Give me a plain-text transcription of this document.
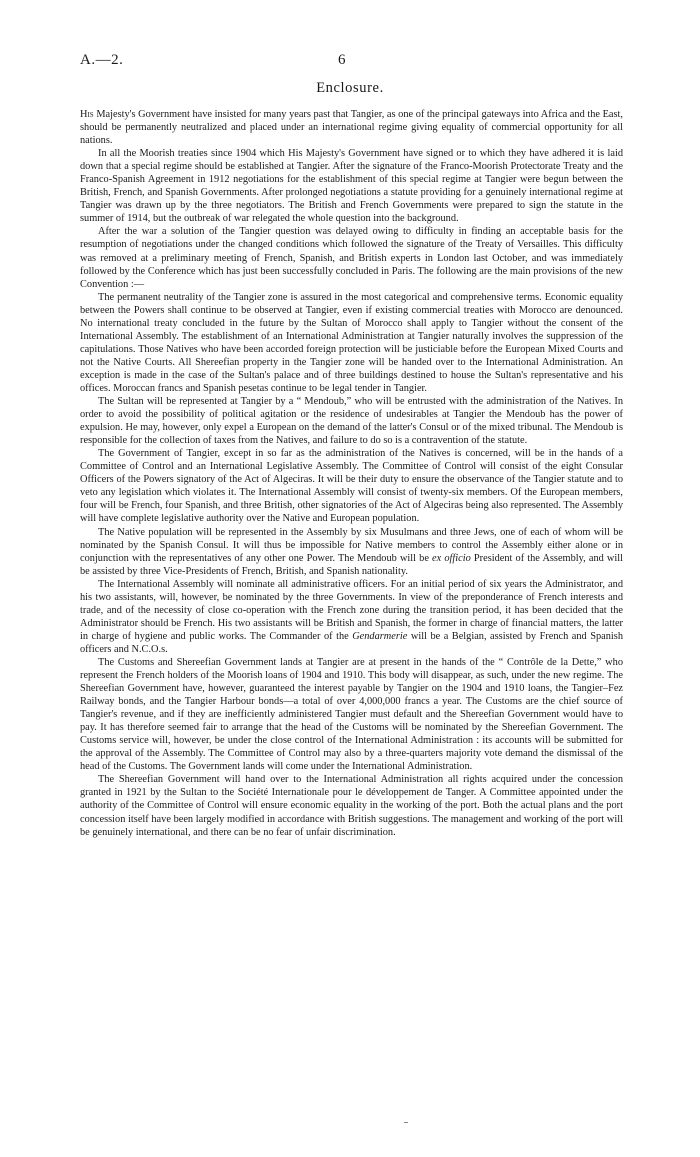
A.—2.	6
Enclosure.

His Majesty's Government have insisted for many years past that Tangier, as one of the principal gateways into Africa and the East, should be permanently neutralized and placed under an international regime giving equality of commercial opportunity for all nations.

In all the Moorish treaties since 1904 which His Majesty's Government have signed or to which they have adhered it is laid down that a special regime should be established at Tangier. After the signature of the Franco-Moorish Protectorate Treaty and the Franco-Spanish Agreement in 1912 negotiations for the establishment of this special regime at Tangier were begun between the British, French, and Spanish Governments. After prolonged negotiations a statute providing for a genuinely international regime at Tangier was drawn up by the three negotiators. The British and French Governments were prepared to sign the statute in the summer of 1914, but the outbreak of war relegated the whole question into the background.

After the war a solution of the Tangier question was delayed owing to difficulty in finding an acceptable basis for the resumption of negotiations under the changed conditions which followed the signature of the Treaty of Versailles. This difficulty was removed at a preliminary meeting of French, Spanish, and British experts in London last October, and was immediately followed by the Conference which has just been successfully concluded in Paris. The following are the main provisions of the new Convention :—

The permanent neutrality of the Tangier zone is assured in the most categorical and comprehensive terms. Economic equality between the Powers shall continue to be observed at Tangier, even if existing commercial treaties with Morocco are denounced. No international treaty concluded in the future by the Sultan of Morocco shall apply to Tangier without the consent of the International Assembly. The establishment of an International Administration at Tangier naturally involves the suppression of the capitulations. Those Natives who have been accorded foreign protection will be justiciable before the European Mixed Courts and not the Native Courts. All Shereefian property in the Tangier zone will be handed over to the International Administration. An exception is made in the case of the Sultan's palace and of three buildings destined to house the Sultan's representative and his offices. Moroccan francs and Spanish pesetas continue to be legal tender in Tangier.

The Sultan will be represented at Tangier by a “ Mendoub,” who will be entrusted with the administration of the Natives. In order to avoid the possibility of political agitation or the residence of undesirables at Tangier the Mendoub has the power of expulsion. He may, however, only expel a European on the demand of the latter's Consul or of the mixed tribunal. The Mendoub is responsible for the collection of taxes from the Natives, and failure to do so is a contravention of the statute.

The Government of Tangier, except in so far as the administration of the Natives is concerned, will be in the hands of a Committee of Control and an International Legislative Assembly. The Committee of Control will consist of the eight Consular Officers of the Powers signatory of the Act of Algeciras. It will be their duty to ensure the observance of the Tangier statute and to veto any legislation which violates it. The International Assembly will consist of twenty-six members. Of the European members, four will be French, four Spanish, and three British, other signatories of the Act of Algeciras being also represented. The Assembly will have complete legislative authority over the Native and European population.

The Native population will be represented in the Assembly by six Musulmans and three Jews, one of each of whom will be nominated by the Spanish Consul. It will thus be impossible for Native members to control the Assembly either alone or in conjunction with the representatives of any other one Power. The Mendoub will be ex officio President of the Assembly, and will be assisted by three Vice-Presidents of French, British, and Spanish nationality.

The International Assembly will nominate all administrative officers. For an initial period of six years the Administrator, and his two assistants, will, however, be nominated by the three Governments. In view of the preponderance of French interests and trade, and of the necessity of close co-operation with the French zone during the transition period, it has been decided that the Administrator should be French. His two assistants will be British and Spanish, the former in charge of financial matters, the latter in charge of hygiene and public works. The Commander of the Gendarmerie will be a Belgian, assisted by French and Spanish officers and N.C.O.s.

The Customs and Shereefian Government lands at Tangier are at present in the hands of the “ Contrôle de la Dette,” who represent the French holders of the Moorish loans of 1904 and 1910. This body will disappear, as such, under the new regime. The Shereefian Government have, however, guaranteed the interest payable by Tangier on the 1904 and 1910 loans, the Tangier–Fez Railway bonds, and the Tangier Harbour bonds—a total of over 4,000,000 francs a year. The Customs are the chief source of Tangier's revenue, and if they are inefficiently administered Tangier must default and the Shereefian Government would have to pay. It has therefore seemed fair to arrange that the head of the Customs will be nominated by the Shereefian Government. The Customs service will, however, be under the close control of the International Administration : its accounts will be submitted for the approval of the Assembly. The Committee of Control may also by a three-quarters majority vote demand the dismissal of the head of the Customs. The Government lands will come under the International Administration.

The Shereefian Government will hand over to the International Administration all rights acquired under the concession granted in 1921 by the Sultan to the Société Internationale pour le développement de Tanger. A Committee appointed under the authority of the Committee of Control will ensure economic equality in the working of the port. Both the actual plans and the port concession itself have been largely modified in accordance with British suggestions. The management and working of the port will be genuinely international, and there can be no fear of unfair discrimination.
